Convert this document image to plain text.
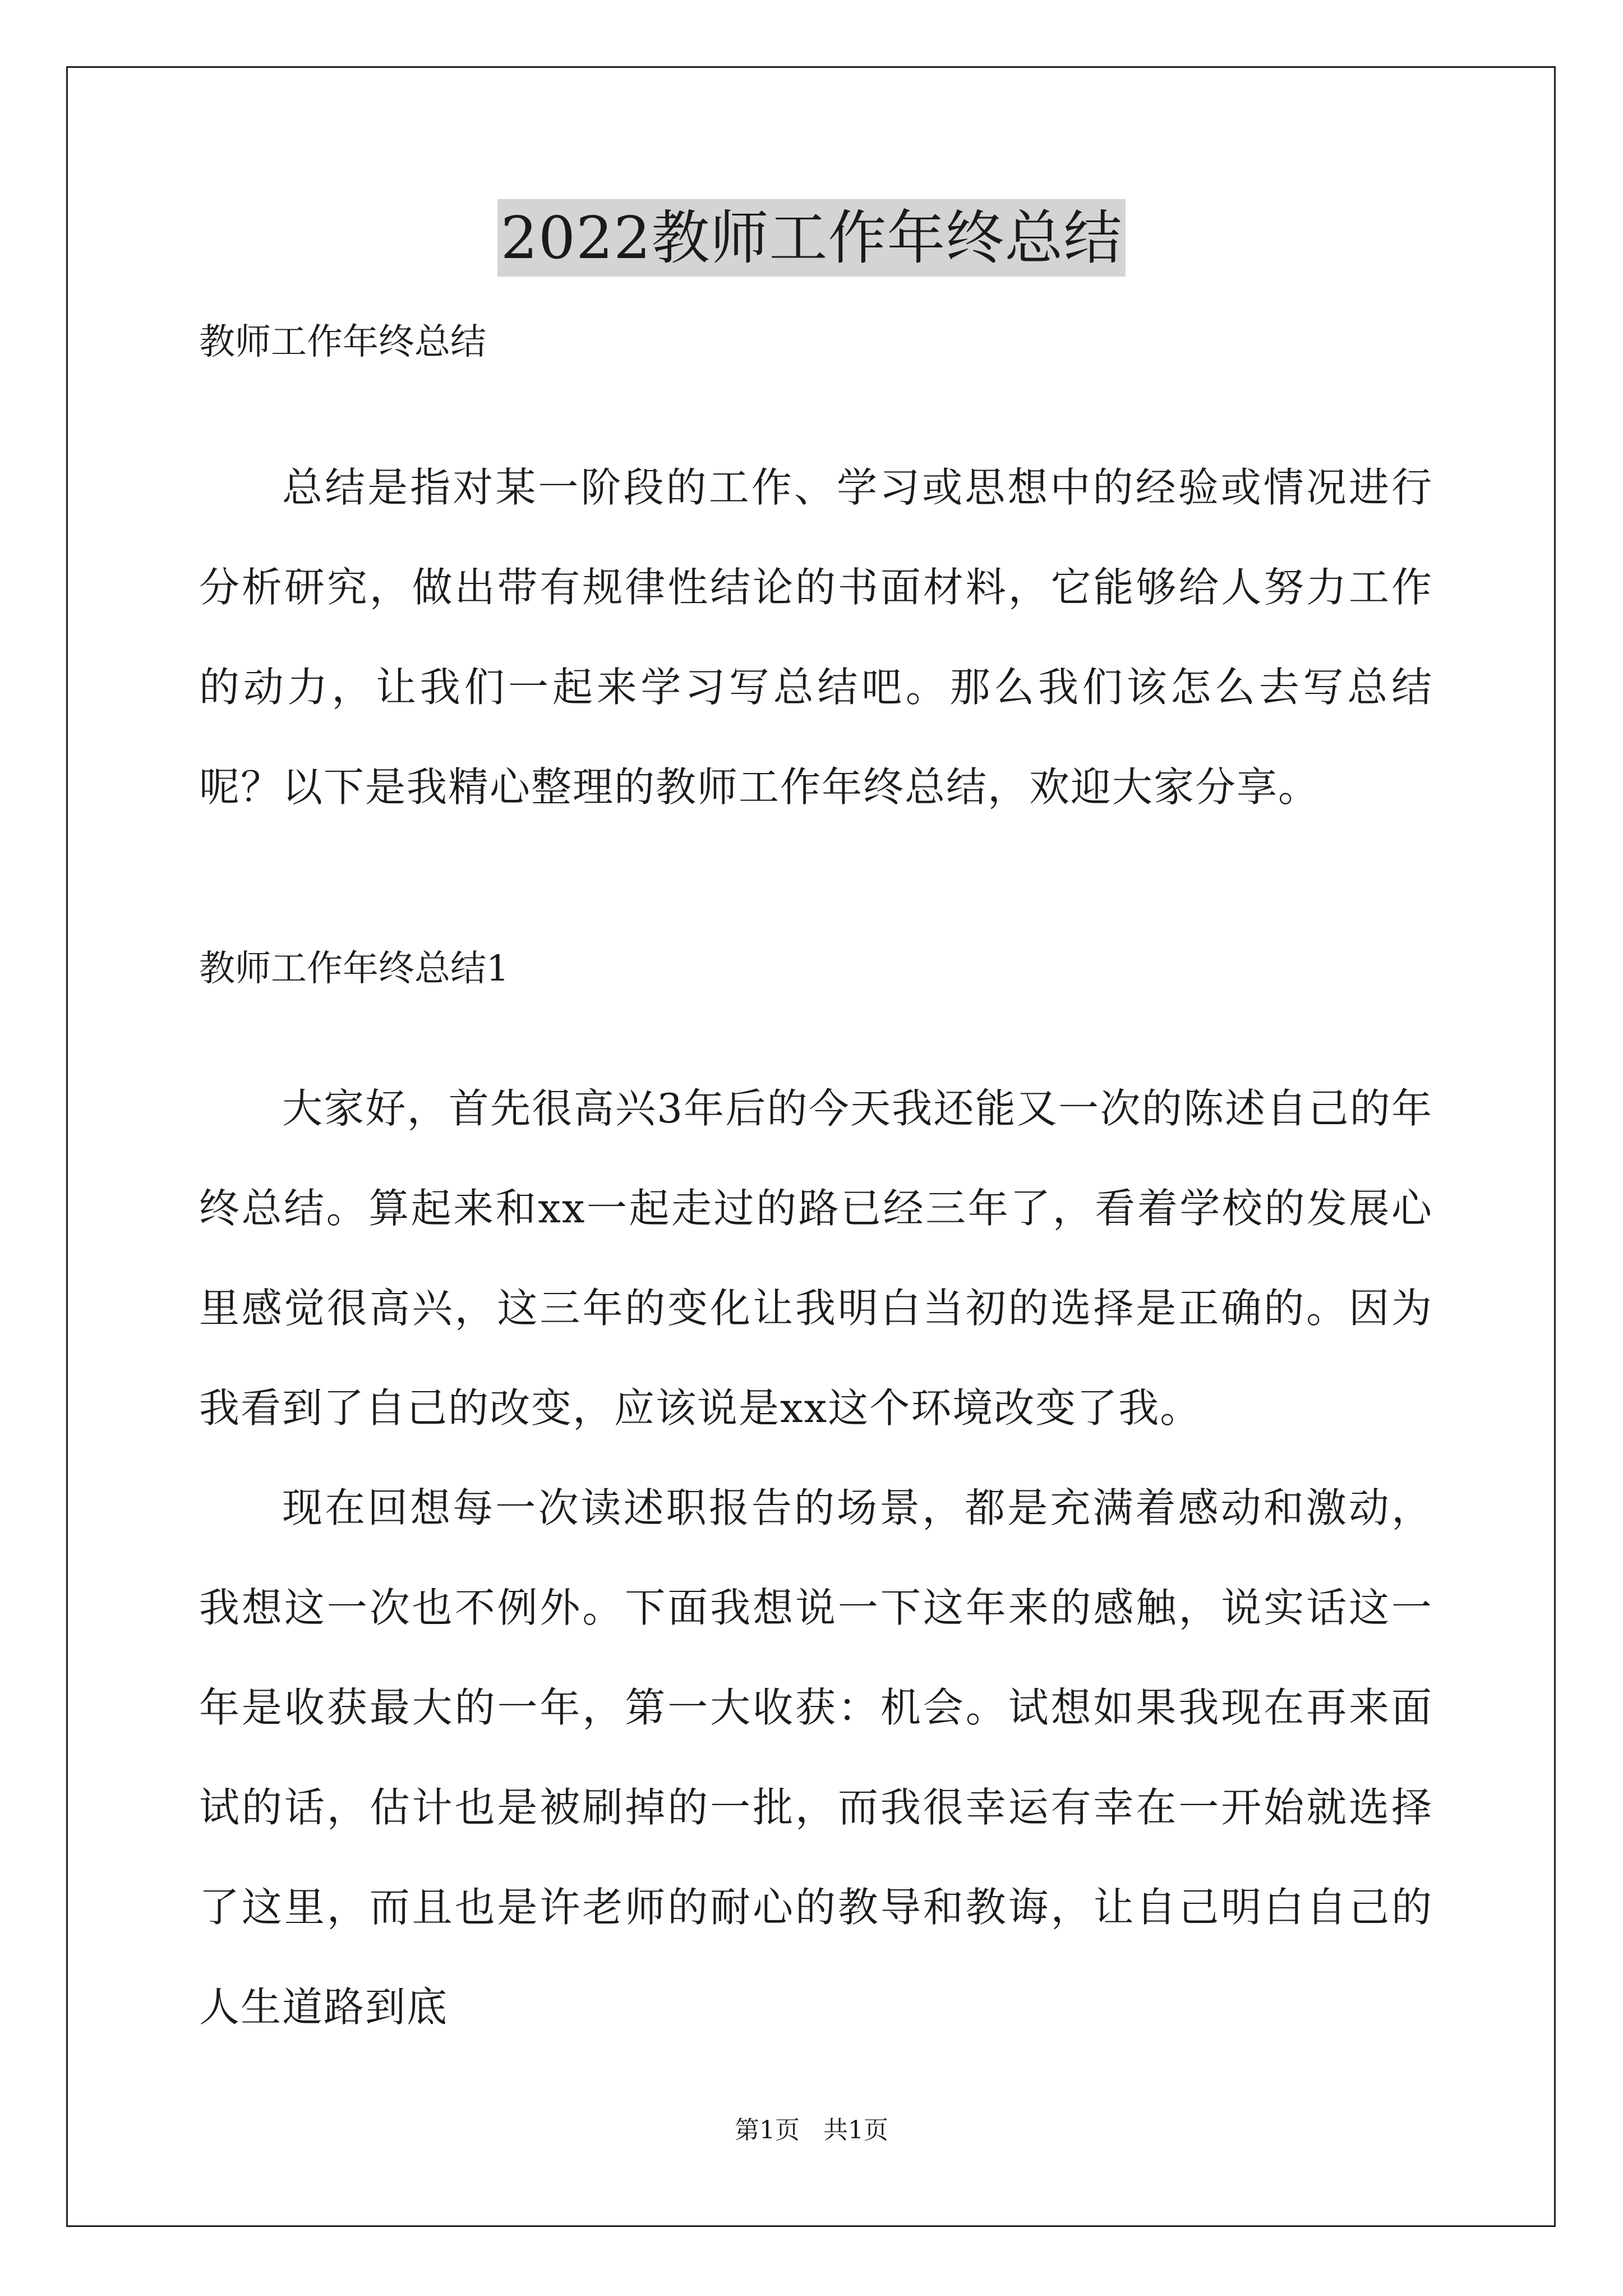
2022教师工作年终总结

教师工作年终总结

总结是指对某一阶段的工作、学习或思想中的经验或情况进行分析研究，做出带有规律性结论的书面材料，它能够给人努力工作的动力，让我们一起来学习写总结吧。那么我们该怎么去写总结呢？以下是我精心整理的教师工作年终总结，欢迎大家分享。

教师工作年终总结1

大家好，首先很高兴3年后的今天我还能又一次的陈述自己的年终总结。算起来和xx一起走过的路已经三年了，看着学校的发展心里感觉很高兴，这三年的变化让我明白当初的选择是正确的。因为我看到了自己的改变，应该说是xx这个环境改变了我。

现在回想每一次读述职报告的场景，都是充满着感动和激动，我想这一次也不例外。下面我想说一下这年来的感触，说实话这一年是收获最大的一年，第一大收获：机会。试想如果我现在再来面试的话，估计也是被刷掉的一批，而我很幸运有幸在一开始就选择了这里，而且也是许老师的耐心的教导和教诲，让自己明白自己的人生道路到底

第1页 共1页
